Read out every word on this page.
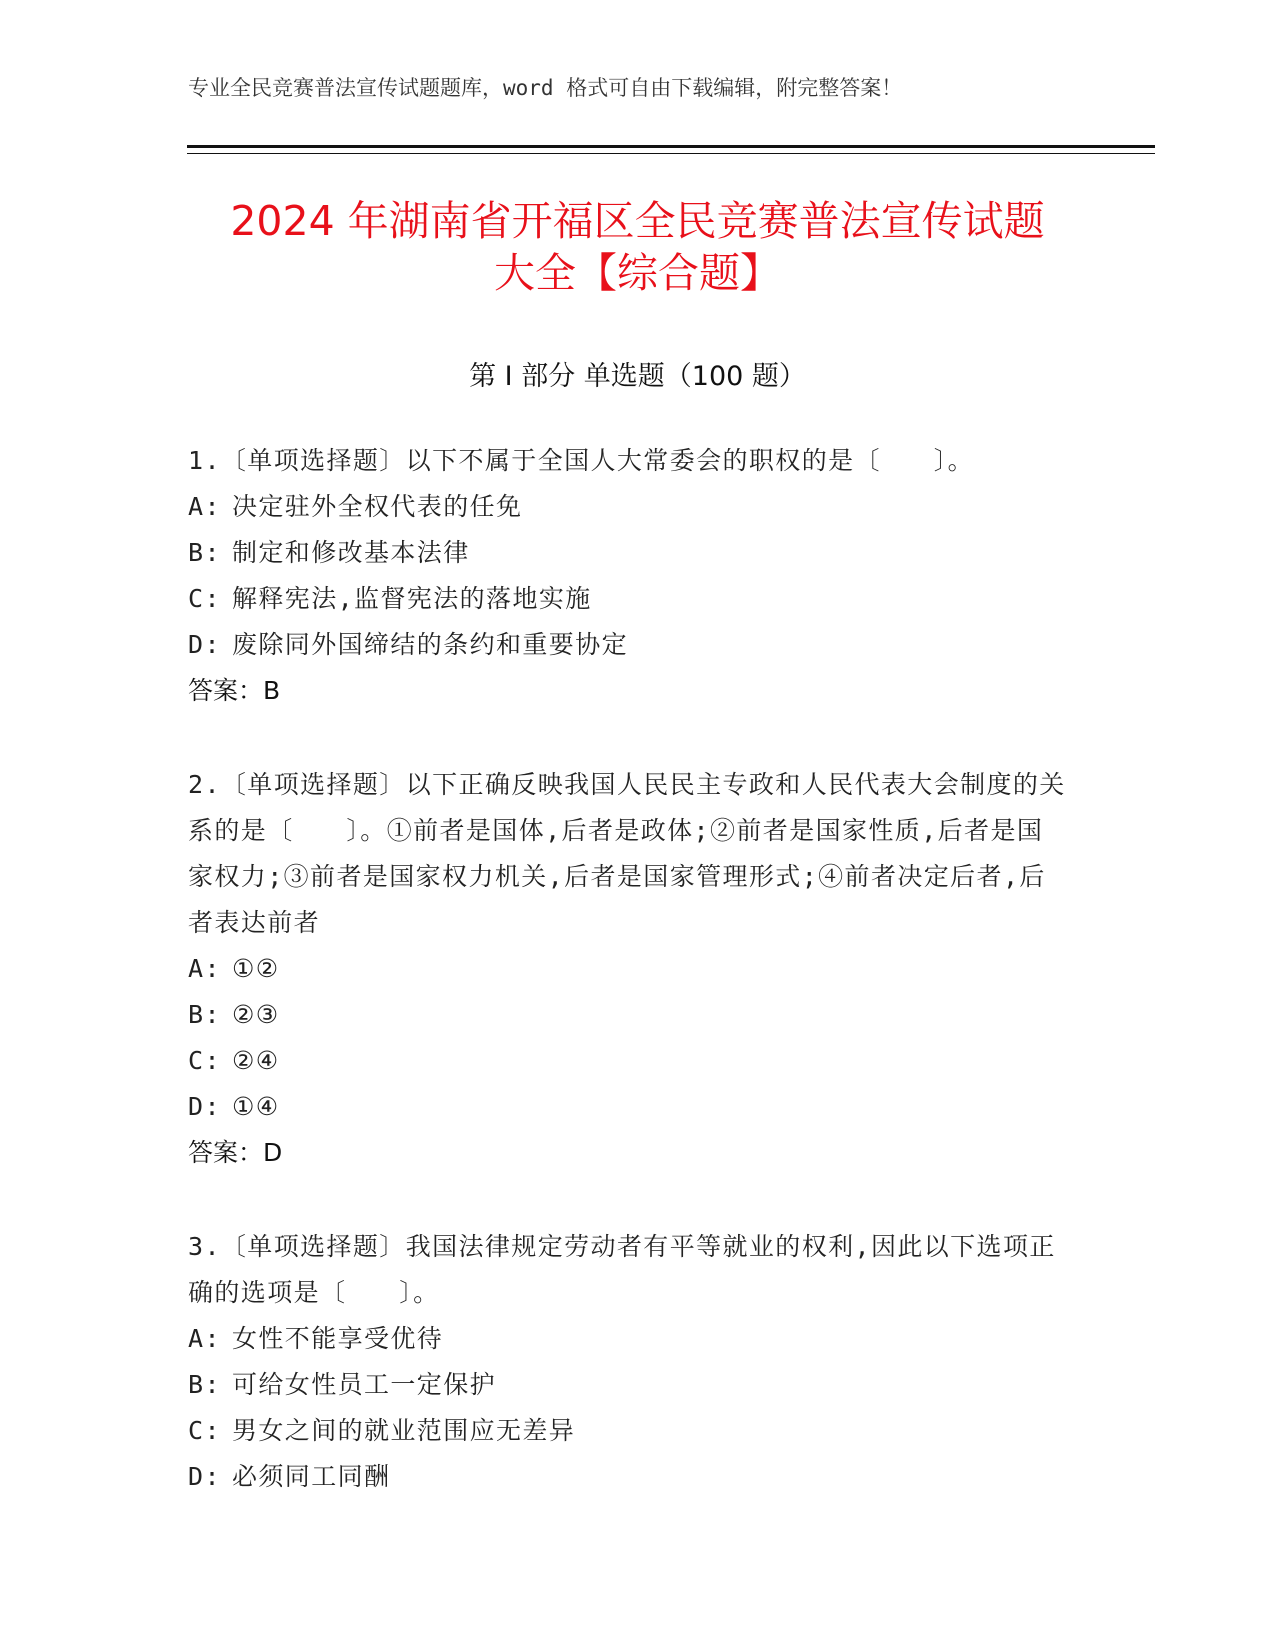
专业全民竞赛普法宣传试题题库，word 格式可自由下载编辑，附完整答案！
2024 年湖南省开福区全民竞赛普法宣传试题
大全【综合题】
第 I 部分 单选题（100 题）
1.〔单项选择题〕以下不属于全国人大常委会的职权的是〔　　〕。
A: 决定驻外全权代表的任免
B: 制定和修改基本法律
C: 解释宪法,监督宪法的落地实施
D: 废除同外国缔结的条约和重要协定
答案：B
2.〔单项选择题〕以下正确反映我国人民民主专政和人民代表大会制度的关系的是〔　　〕。①前者是国体,后者是政体;②前者是国家性质,后者是国家权力;③前者是国家权力机关,后者是国家管理形式;④前者决定后者,后者表达前者
A: ①②
B: ②③
C: ②④
D: ①④
答案：D
3.〔单项选择题〕我国法律规定劳动者有平等就业的权利,因此以下选项正确的选项是〔　　〕。
A: 女性不能享受优待
B: 可给女性员工一定保护
C: 男女之间的就业范围应无差异
D: 必须同工同酬
